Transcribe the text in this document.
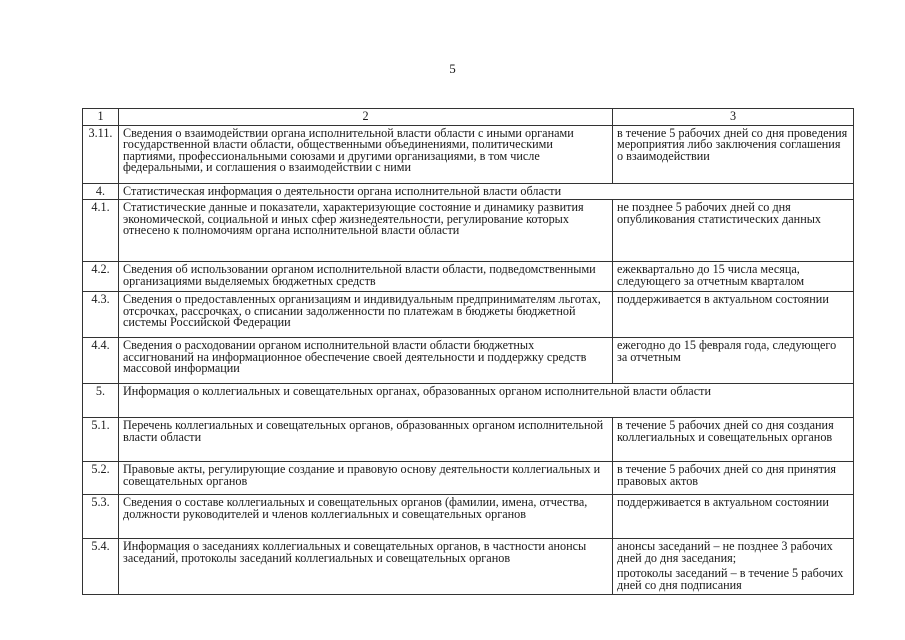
5
1	2	3
3.11.	Сведения о взаимодействии органа исполнительной власти области с иными органами государственной власти области, общественными объединениями, политическими партиями, профессиональными союзами и другими организациями, в том числе федеральными, и соглашения о взаимодействии с ними	в течение 5 рабочих дней со дня проведения мероприятия либо заключения соглашения о взаимодействии
4.	Статистическая информация о деятельности органа исполнительной власти области	
4.1.	Статистические данные и показатели, характеризующие состояние и динамику развития экономической, социальной и иных сфер жизнедеятельности, регулирование которых отнесено к полномочиям органа исполнительной власти области	не позднее 5 рабочих дней со дня опубликования статистических данных
4.2.	Сведения об использовании органом исполнительной власти области, подведомственными организациями выделяемых бюджетных средств	ежеквартально до 15 числа месяца, следующего за отчетным кварталом
4.3.	Сведения о предоставленных организациям и индивидуальным предпринимателям льготах, отсрочках, рассрочках, о списании задолженности по платежам в бюджеты бюджетной системы Российской Федерации	поддерживается в актуальном состоянии
4.4.	Сведения о расходовании органом исполнительной власти области бюджетных ассигнований на информационное обеспечение своей деятельности и поддержку средств массовой информации	ежегодно до 15 февраля года, следующего за отчетным
5.	Информация о коллегиальных и совещательных органах, образованных органом исполнительной власти области	
5.1.	Перечень коллегиальных и совещательных органов, образованных органом исполнительной власти области	в течение 5 рабочих дней со дня создания коллегиальных и совещательных органов
5.2.	Правовые акты, регулирующие создание и правовую основу деятельности коллегиальных и совещательных органов	в течение 5 рабочих дней со дня принятия правовых актов
5.3.	Сведения о составе коллегиальных и совещательных органов (фамилии, имена, отчества, должности руководителей и членов коллегиальных и совещательных органов	поддерживается в актуальном состоянии
5.4.	Информация о заседаниях коллегиальных и совещательных органов, в частности анонсы заседаний, протоколы заседаний коллегиальных и совещательных органов	анонсы заседаний – не позднее 3 рабочих дней до дня заседания;
протоколы заседаний – в течение 5 рабочих дней со дня подписания
